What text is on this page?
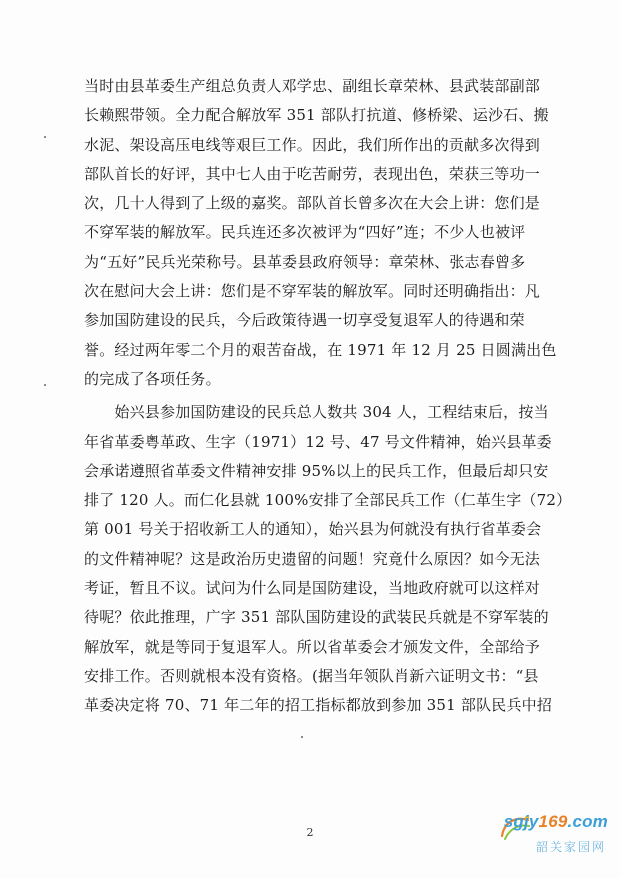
当时由县革委生产组总负责人邓学忠、副组长章荣林、县武装部副部

长赖熙带领。全力配合解放军 351 部队打抗道、修桥梁、运沙石、搬

水泥、架设高压电线等艰巨工作。因此，我们所作出的贡献多次得到

部队首长的好评，其中七人由于吃苦耐劳，表现出色，荣获三等功一

次，几十人得到了上级的嘉奖。部队首长曾多次在大会上讲：您们是

不穿军装的解放军。民兵连还多次被评为“四好”连；不少人也被评

为“五好”民兵光荣称号。县革委县政府领导：章荣林、张志春曾多

次在慰问大会上讲：您们是不穿军装的解放军。同时还明确指出：凡

参加国防建设的民兵，今后政策待遇一切享受复退军人的待遇和荣

誉。经过两年零二个月的艰苦奋战，在 1971 年 12 月 25 日圆满出色

的完成了各项任务。

　　始兴县参加国防建设的民兵总人数共 304 人，工程结束后，按当

年省革委粤革政、生字（1971）12 号、47 号文件精神，始兴县革委

会承诺遵照省革委文件精神安排 95%以上的民兵工作，但最后却只安

排了 120 人。而仁化县就 100%安排了全部民兵工作（仁革生字（72）

第 001 号关于招收新工人的通知），始兴县为何就没有执行省革委会

的文件精神呢？这是政治历史遗留的问题！究竟什么原因？如今无法

考证，暂且不议。试问为什么同是国防建设，当地政府就可以这样对

待呢？依此推理，广字 351 部队国防建设的武装民兵就是不穿军装的

解放军，就是等同于复退军人。所以省革委会才颁发文件，全部给予

安排工作。否则就根本没有资格。(据当年领队肖新六证明文书：“县

革委决定将 70、71 年二年的招工指标都放到参加 351 部队民兵中招

2
sgjy169.com
韶关家园网
